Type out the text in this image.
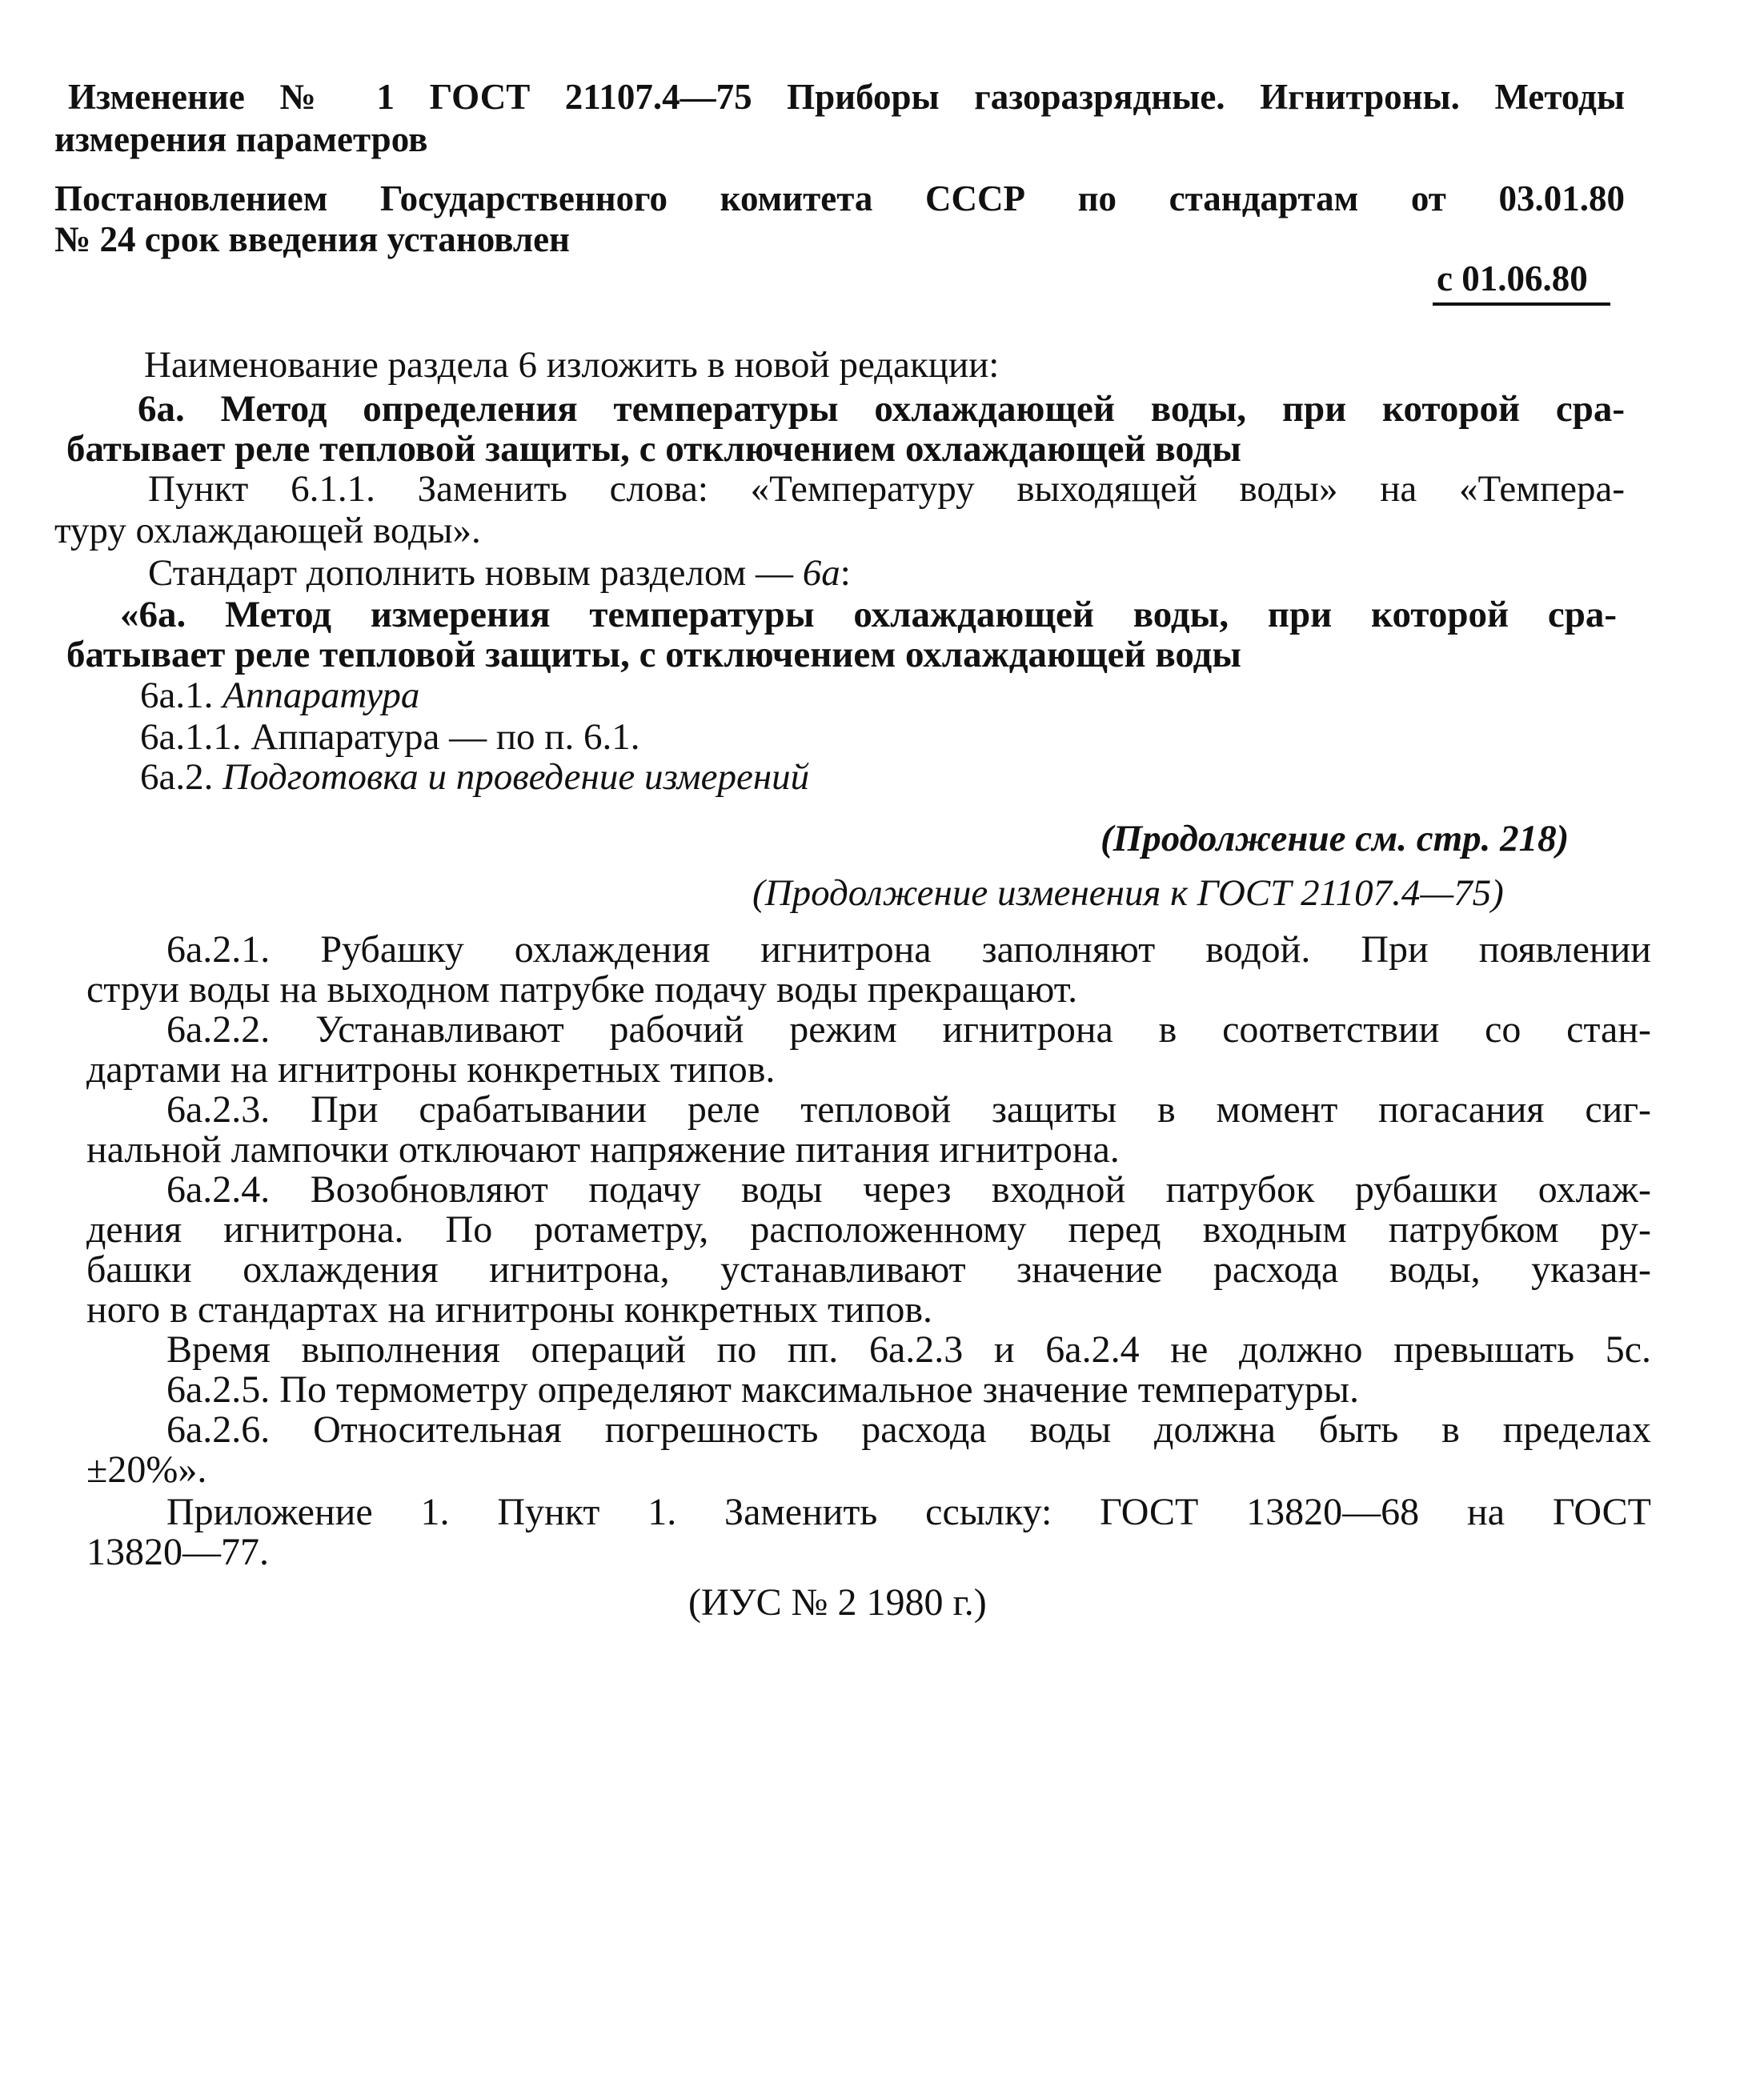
Изменение № 1 ГОСТ 21107.4—75 Приборы газоразрядные. Игнитроны. Методы
измерения параметров
Постановлением Государственного комитета СССР по стандартам от 03.01.80
№ 24 срок введения установлен
с 01.06.80
Наименование раздела 6 изложить в новой редакции:
6а. Метод определения температуры охлаждающей воды, при которой сра-
батывает реле тепловой защиты, с отключением охлаждающей воды
Пункт 6.1.1. Заменить слова: «Температуру выходящей воды» на «Темпера-
туру охлаждающей воды».
Стандарт дополнить новым разделом — 6а:
«6а. Метод измерения температуры охлаждающей воды, при которой сра-
батывает реле тепловой защиты, с отключением охлаждающей воды
6а.1. Аппаратура
6а.1.1. Аппаратура — по п. 6.1.
6а.2. Подготовка и проведение измерений
(Продолжение см. стр. 218)
(Продолжение изменения к ГОСТ 21107.4—75)
6а.2.1. Рубашку охлаждения игнитрона заполняют водой. При появлении
струи воды на выходном патрубке подачу воды прекращают.
6а.2.2. Устанавливают рабочий режим игнитрона в соответствии со стан-
дартами на игнитроны конкретных типов.
6а.2.3. При срабатывании реле тепловой защиты в момент погасания сиг-
нальной лампочки отключают напряжение питания игнитрона.
6а.2.4. Возобновляют подачу воды через входной патрубок рубашки охлаж-
дения игнитрона. По ротаметру, расположенному перед входным патрубком ру-
башки охлаждения игнитрона, устанавливают значение расхода воды, указан-
ного в стандартах на игнитроны конкретных типов.
Время выполнения операций по пп. 6а.2.3 и 6а.2.4 не должно превышать 5с.
6а.2.5. По термометру определяют максимальное значение температуры.
6а.2.6. Относительная погрешность расхода воды должна быть в пределах
±20%».
Приложение 1. Пункт 1. Заменить ссылку: ГОСТ 13820—68 на ГОСТ
13820—77.
(ИУС № 2 1980 г.)
